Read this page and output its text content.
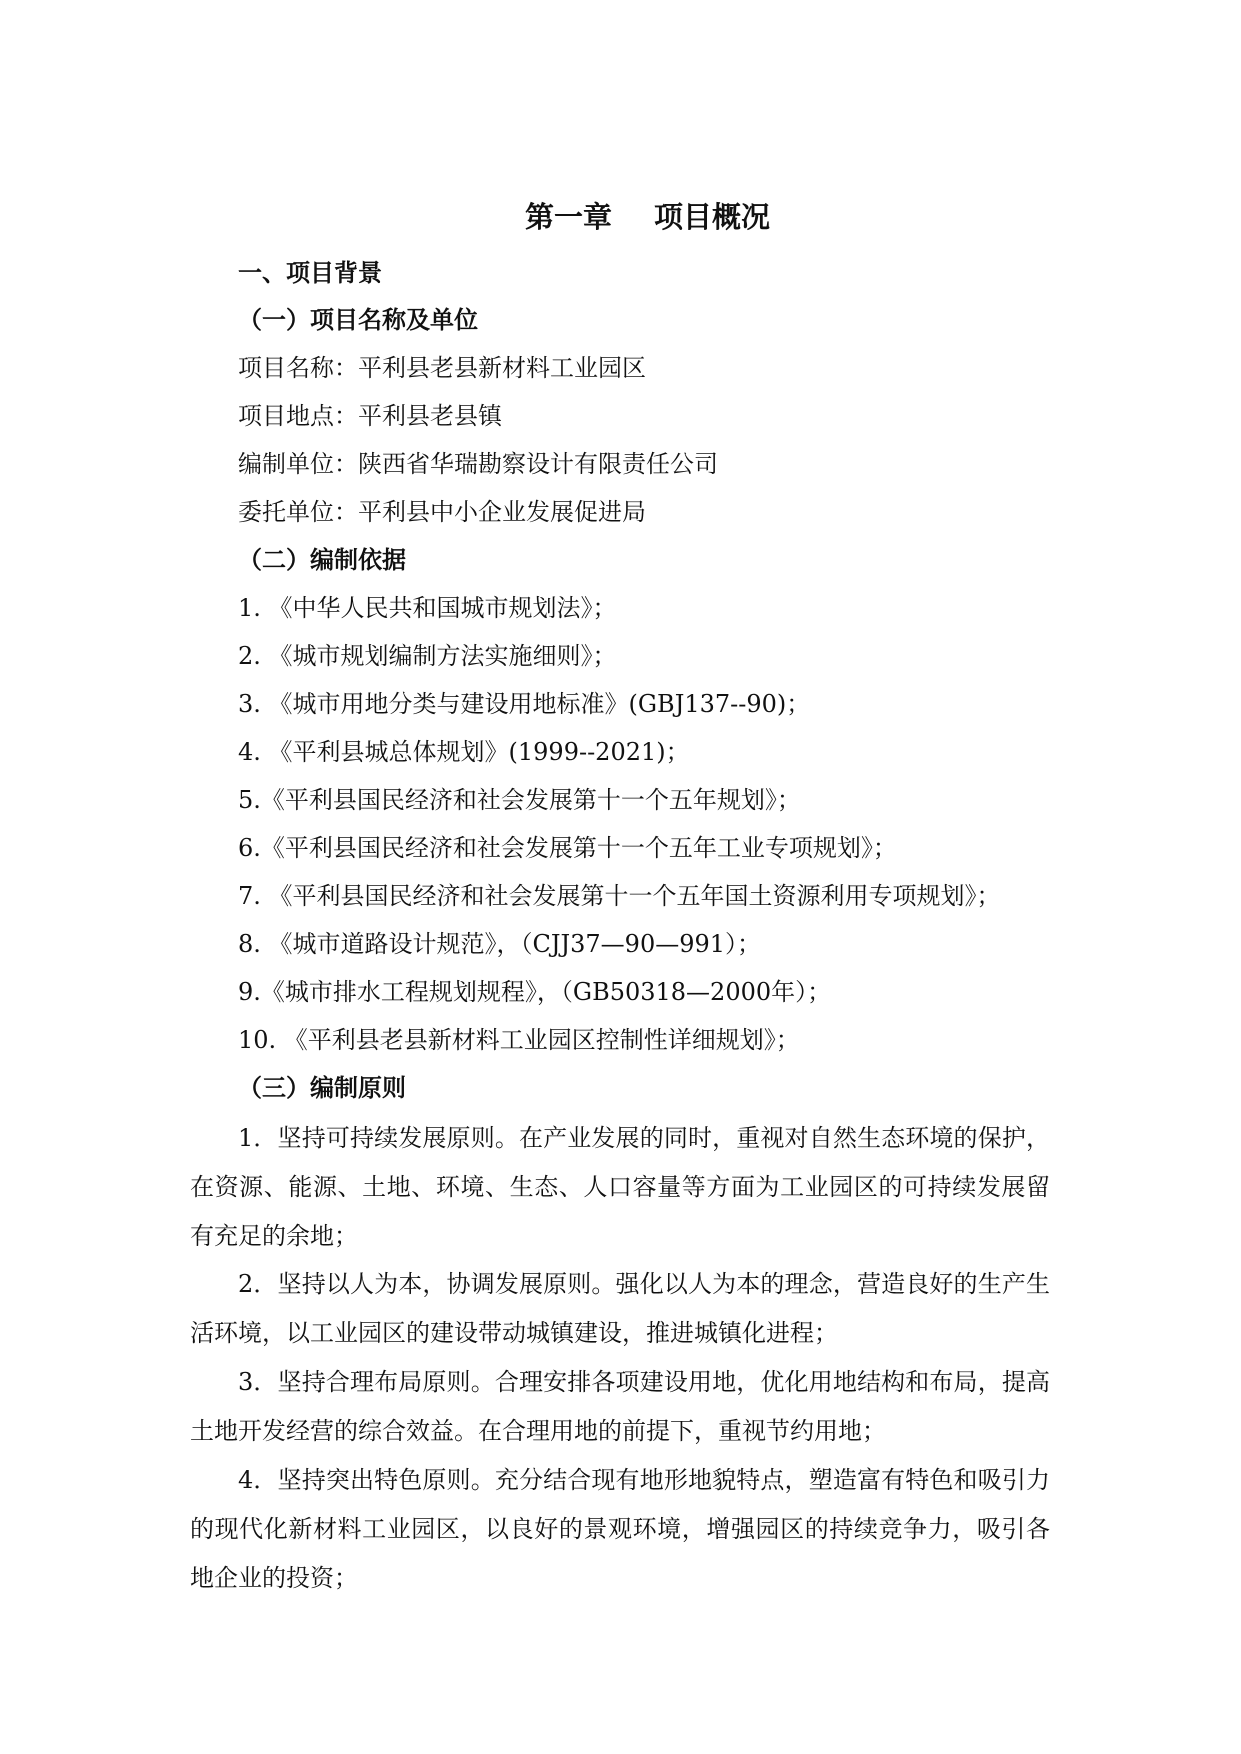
第一章 项目概况
一、项目背景
（一）项目名称及单位
项目名称：平利县老县新材料工业园区
项目地点：平利县老县镇
编制单位：陕西省华瑞勘察设计有限责任公司
委托单位：平利县中小企业发展促进局
（二）编制依据
1. 《中华人民共和国城市规划法》；
2. 《城市规划编制方法实施细则》；
3. 《城市用地分类与建设用地标准》(GBJ137--90)；
4. 《平利县城总体规划》(1999--2021)；
5.《平利县国民经济和社会发展第十一个五年规划》；
6.《平利县国民经济和社会发展第十一个五年工业专项规划》；
7. 《平利县国民经济和社会发展第十一个五年国土资源利用专项规划》；
8. 《城市道路设计规范》，（CJJ37—90—991）；
9.《城市排水工程规划规程》，（GB50318—2000年）；
10. 《平利县老县新材料工业园区控制性详细规划》；
（三）编制原则
1．坚持可持续发展原则。在产业发展的同时，重视对自然生态环境的保护，在资源、能源、土地、环境、生态、人口容量等方面为工业园区的可持续发展留有充足的余地；
2．坚持以人为本，协调发展原则。强化以人为本的理念，营造良好的生产生活环境，以工业园区的建设带动城镇建设，推进城镇化进程；
3．坚持合理布局原则。合理安排各项建设用地，优化用地结构和布局，提高土地开发经营的综合效益。在合理用地的前提下，重视节约用地；
4．坚持突出特色原则。充分结合现有地形地貌特点，塑造富有特色和吸引力的现代化新材料工业园区，以良好的景观环境，增强园区的持续竞争力，吸引各地企业的投资；
